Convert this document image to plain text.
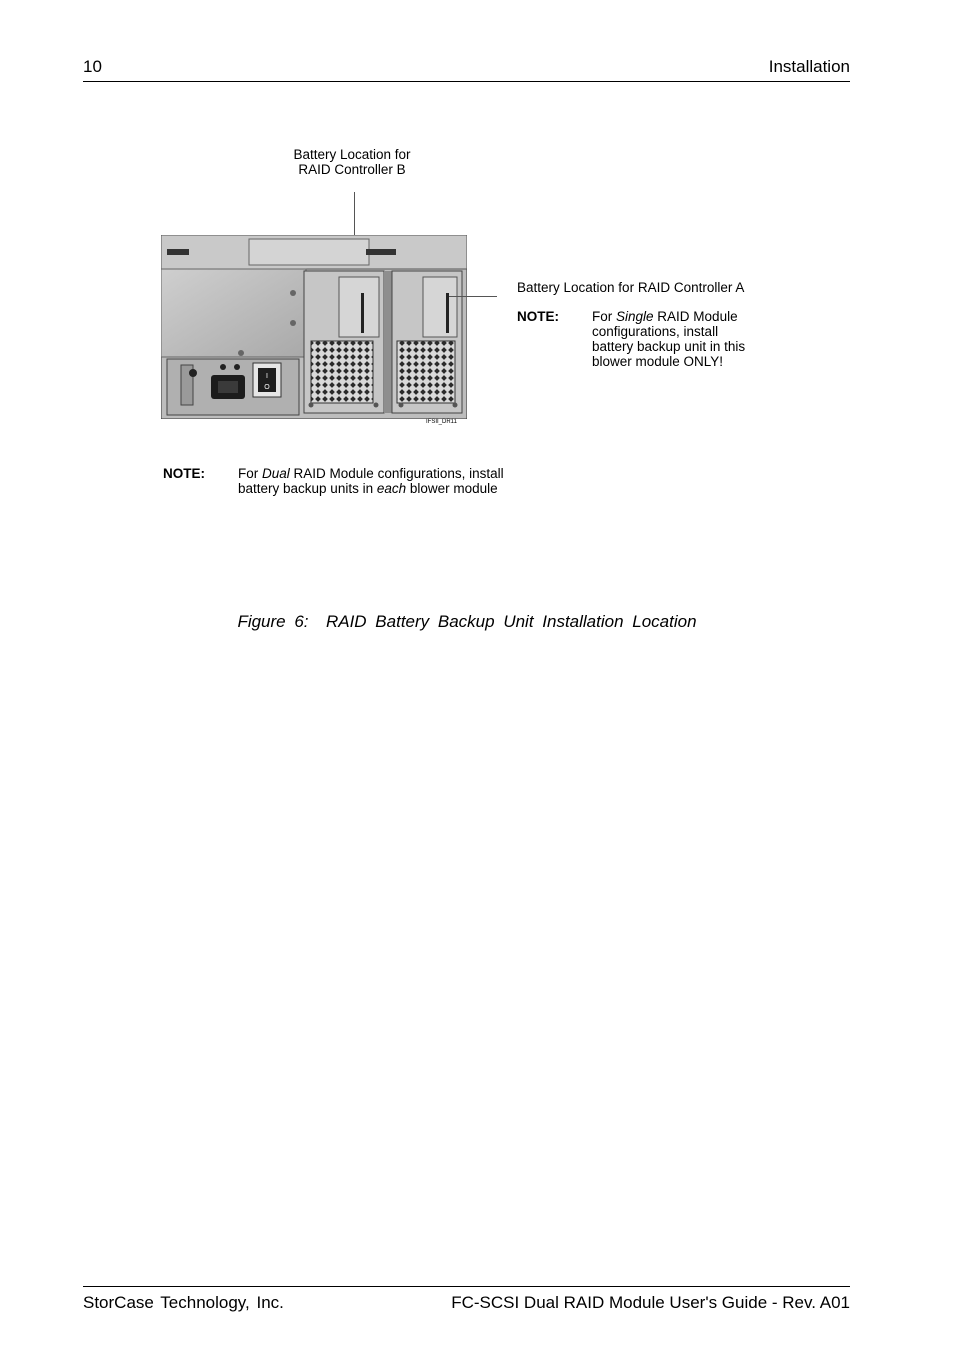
10	Installation
Battery Location for
RAID Controller B
I
O
IFSII_DR11
Battery Location for RAID Controller A
NOTE: For Single RAID Module
configurations, install
battery backup unit in this
blower module ONLY!
NOTE: For Dual RAID Module configurations, install
battery backup units in each blower module
Figure 6:  RAID Battery Backup Unit Installation Location
StorCase Technology, Inc.	FC-SCSI Dual RAID Module User's Guide - Rev. A01
